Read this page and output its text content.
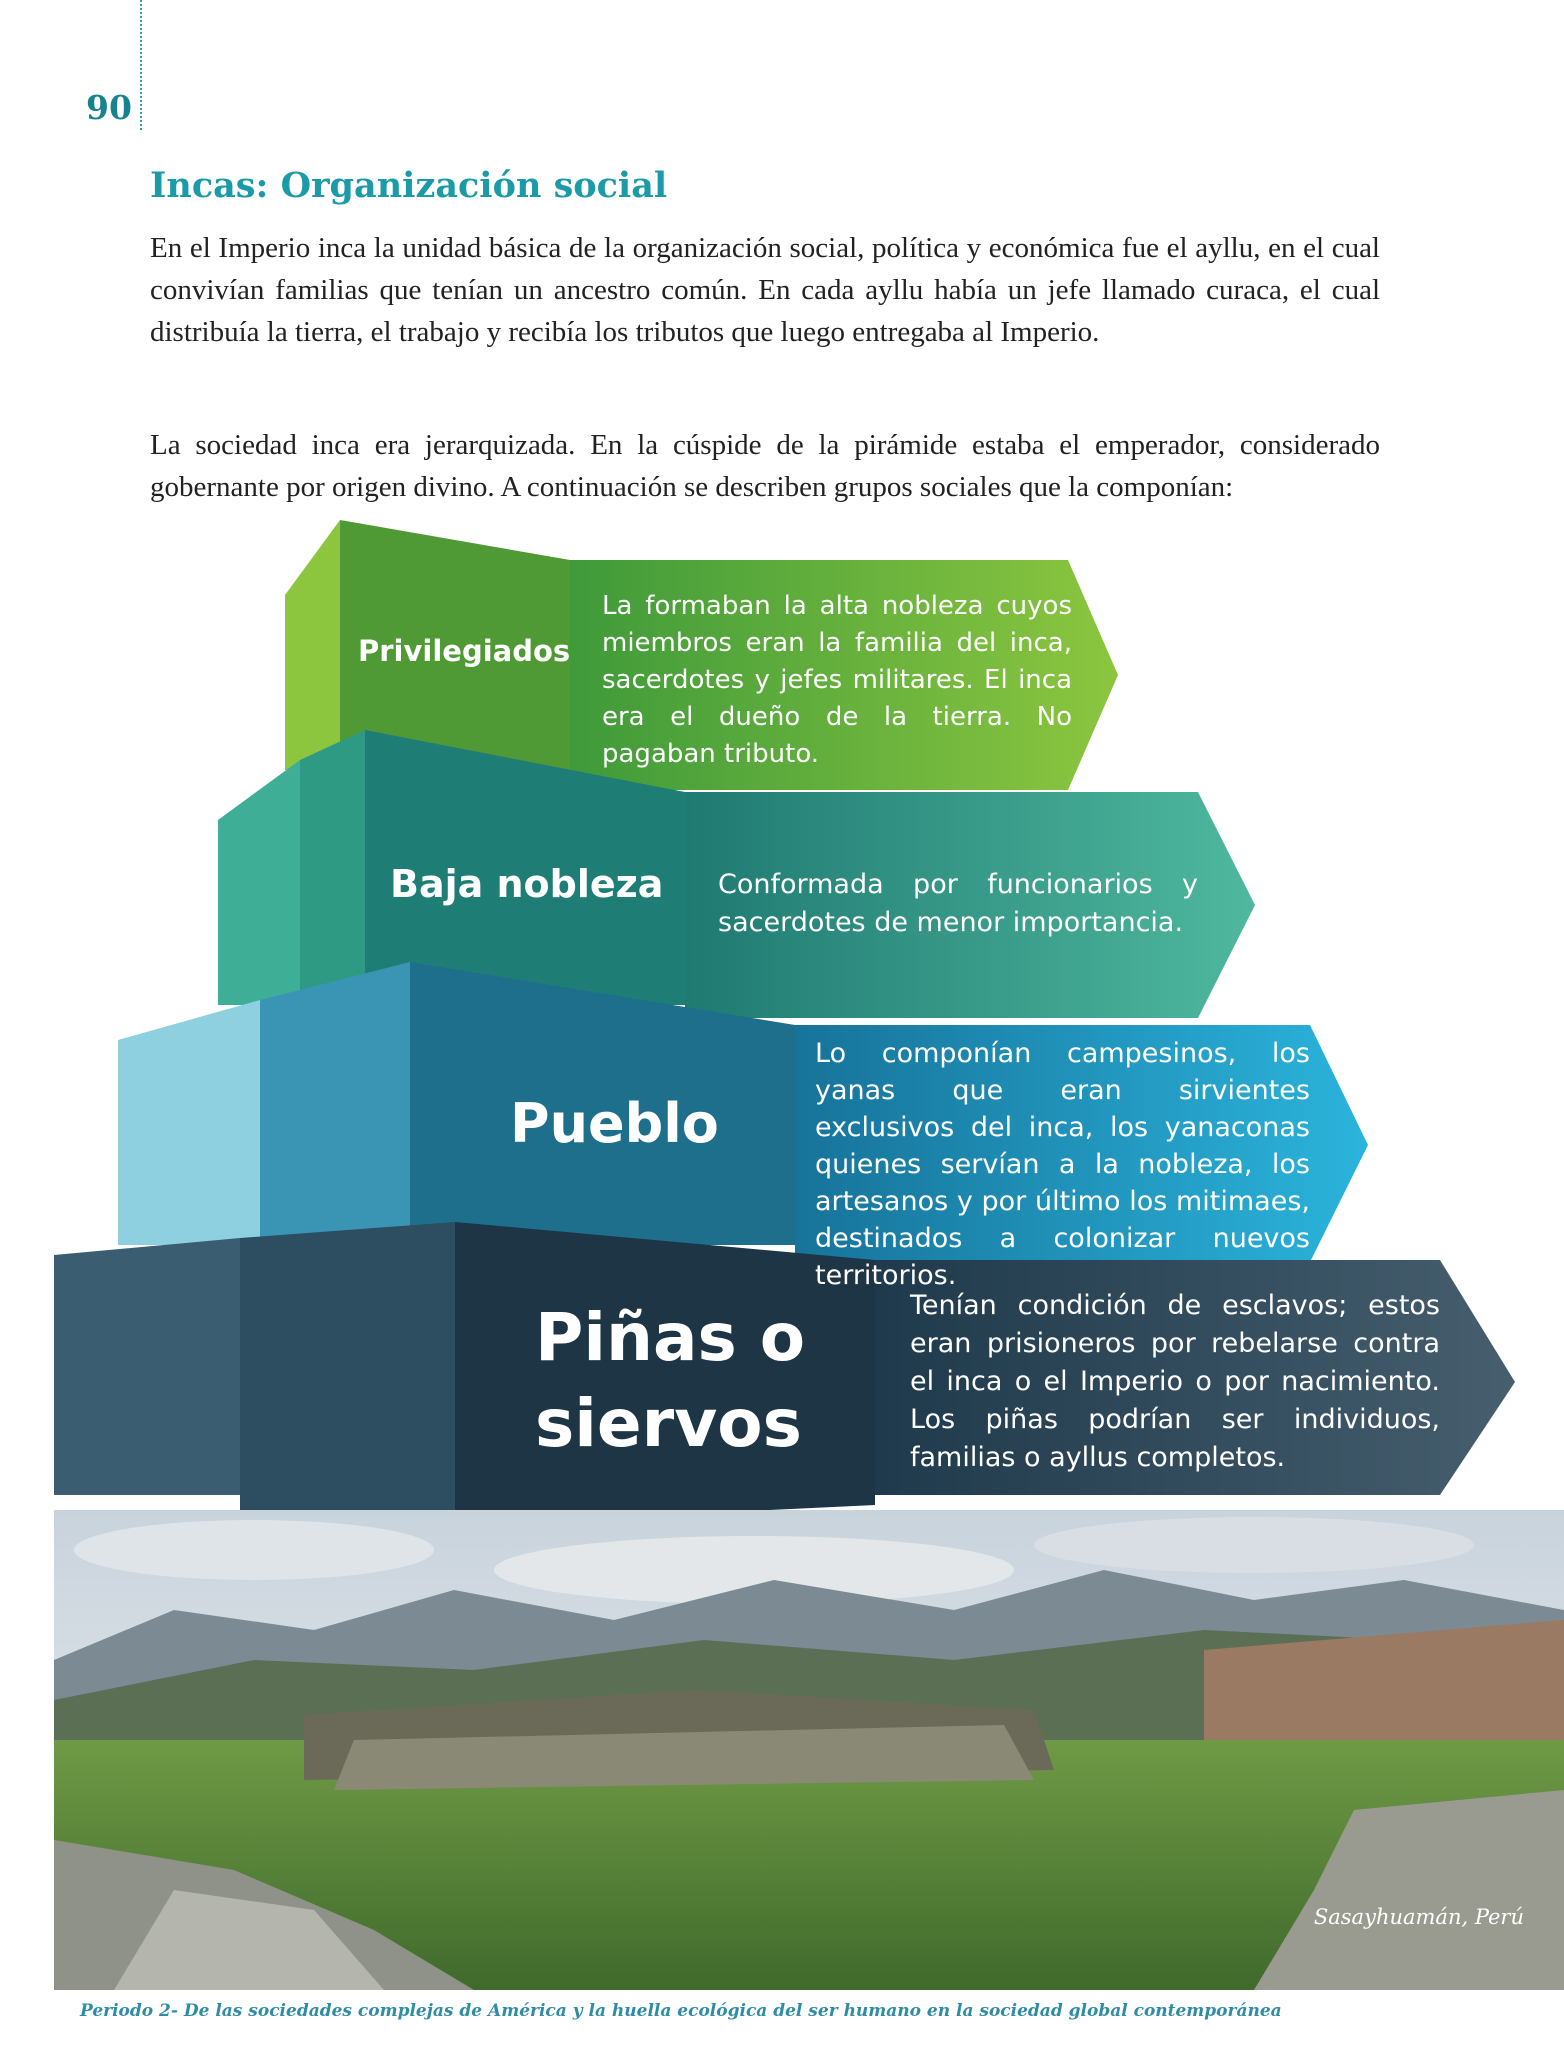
90
Incas: Organización social

En el Imperio inca la unidad básica de la organización social, política y económica fue el ayllu, en el cual convivían familias que tenían un ancestro común. En cada ayllu había un jefe llamado curaca, el cual distribuía la tierra, el trabajo y recibía los tributos que luego entregaba al Imperio.

La sociedad inca era jerarquizada. En la cúspide de la pirámide estaba el emperador, considerado gobernante por origen divino. A continuación se describen grupos sociales que la componían:

Privilegiados

La formaban la alta nobleza cuyos miembros eran la familia del inca, sacerdotes y jefes militares. El inca era el dueño de la tierra. No pagaban tributo.

Baja nobleza Conformada por funcionarios y sacerdotes de menor importancia.

Pueblo

Lo componían campesinos, los yanas que eran sirvientes exclusivos del inca, los yanaconas quienes servían a la nobleza, los artesanos y por último los mitimaes, destinados a colonizar nuevos territorios.

Piñas o siervos

Tenían condición de esclavos; estos eran prisioneros por rebelarse contra el inca o el Imperio o por nacimiento. Los piñas podrían ser individuos, familias o ayllus completos.

Sasayhuamán, Perú
Periodo 2- De las sociedades complejas de América y la huella ecológica del ser humano en la sociedad global contemporánea
